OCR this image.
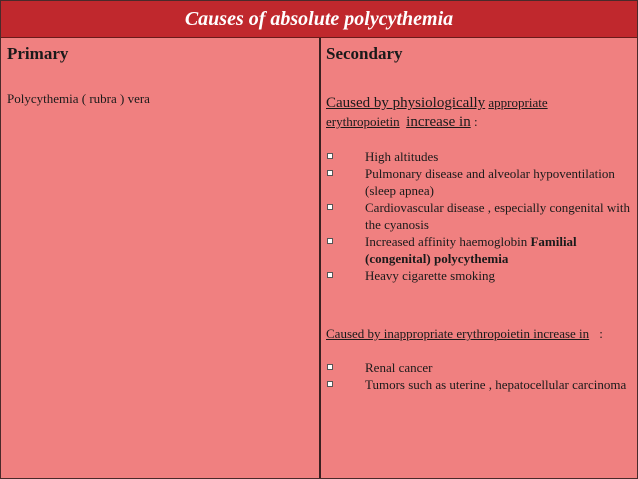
Causes of absolute polycythemia
Primary
Polycythemia ( rubra ) vera
Secondary
Caused by physiologically appropriate
erythropoietin increase in :
High altitudes
Pulmonary disease and alveolar hypoventilation (sleep apnea)
Cardiovascular disease , especially congenital with the cyanosis
Increased affinity haemoglobin Familial (congenital) polycythemia
Heavy cigarette smoking
Caused by inappropriate erythropoietin increase in :
Renal cancer
Tumors such as uterine , hepatocellular carcinoma
